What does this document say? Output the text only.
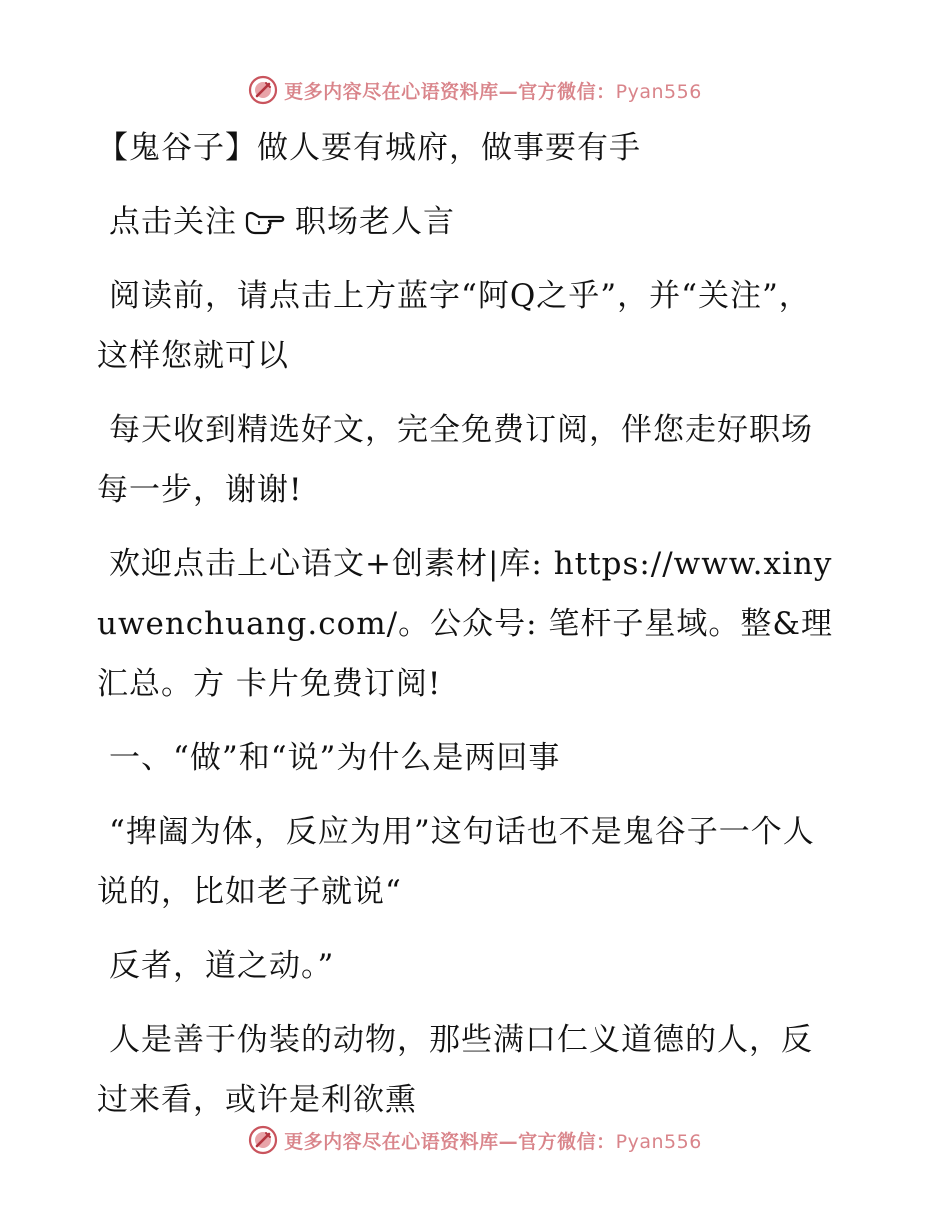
更多内容尽在心语资料库—官方微信：Pyan556

【鬼谷子】做人要有城府，做事要有手

点击关注 职场老人言

阅读前，请点击上方蓝字“阿Q之乎”，并“关注”，这样您就可以

每天收到精选好文，完全免费订阅，伴您走好职场每一步，谢谢!

欢迎点击上心语文+创素材|库: https://www.xinyuwenchuang.com/。公众号: 笔杆子星域。整&理汇总。方 卡片免费订阅!

一、“做”和“说”为什么是两回事

“捭阖为体，反应为用”这句话也不是鬼谷子一个人说的，比如老子就说“

反者，道之动。”

人是善于伪装的动物，那些满口仁义道德的人，反过来看，或许是利欲熏

更多内容尽在心语资料库—官方微信：Pyan556
